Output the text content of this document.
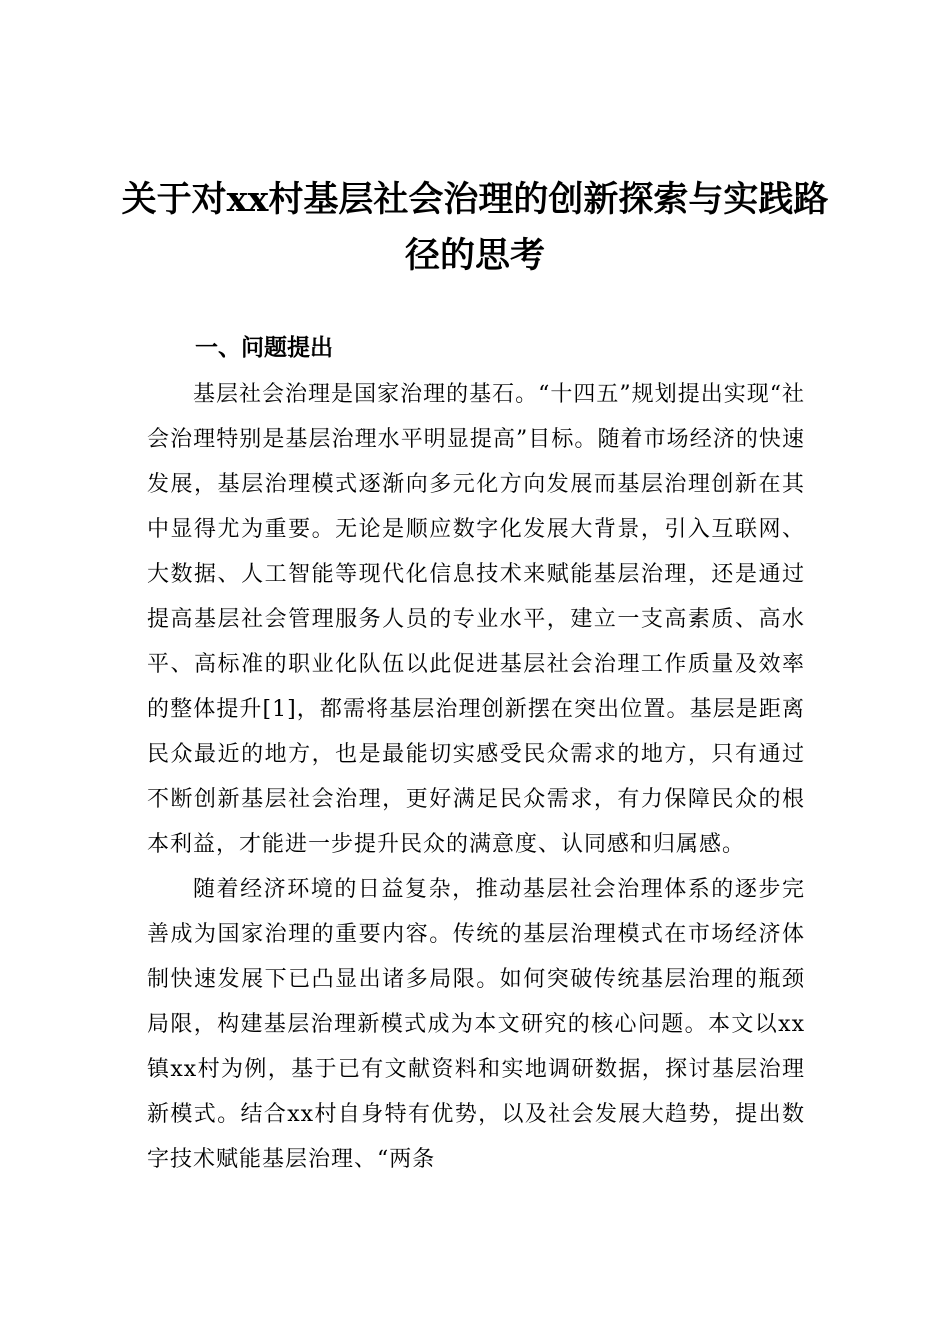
关于对xx村基层社会治理的创新探索与实践路径的思考
一、问题提出

基层社会治理是国家治理的基石。“十四五”规划提出实现“社会治理特别是基层治理水平明显提高”目标。随着市场经济的快速发展，基层治理模式逐渐向多元化方向发展而基层治理创新在其中显得尤为重要。无论是顺应数字化发展大背景，引入互联网、大数据、人工智能等现代化信息技术来赋能基层治理，还是通过提高基层社会管理服务人员的专业水平，建立一支高素质、高水平、高标准的职业化队伍以此促进基层社会治理工作质量及效率的整体提升[1]，都需将基层治理创新摆在突出位置。基层是距离民众最近的地方，也是最能切实感受民众需求的地方，只有通过不断创新基层社会治理，更好满足民众需求，有力保障民众的根本利益，才能进一步提升民众的满意度、认同感和归属感。

随着经济环境的日益复杂，推动基层社会治理体系的逐步完善成为国家治理的重要内容。传统的基层治理模式在市场经济体制快速发展下已凸显出诸多局限。如何突破传统基层治理的瓶颈局限，构建基层治理新模式成为本文研究的核心问题。本文以xx镇xx村为例，基于已有文献资料和实地调研数据，探讨基层治理新模式。结合xx村自身特有优势，以及社会发展大趋势，提出数字技术赋能基层治理、“两条
